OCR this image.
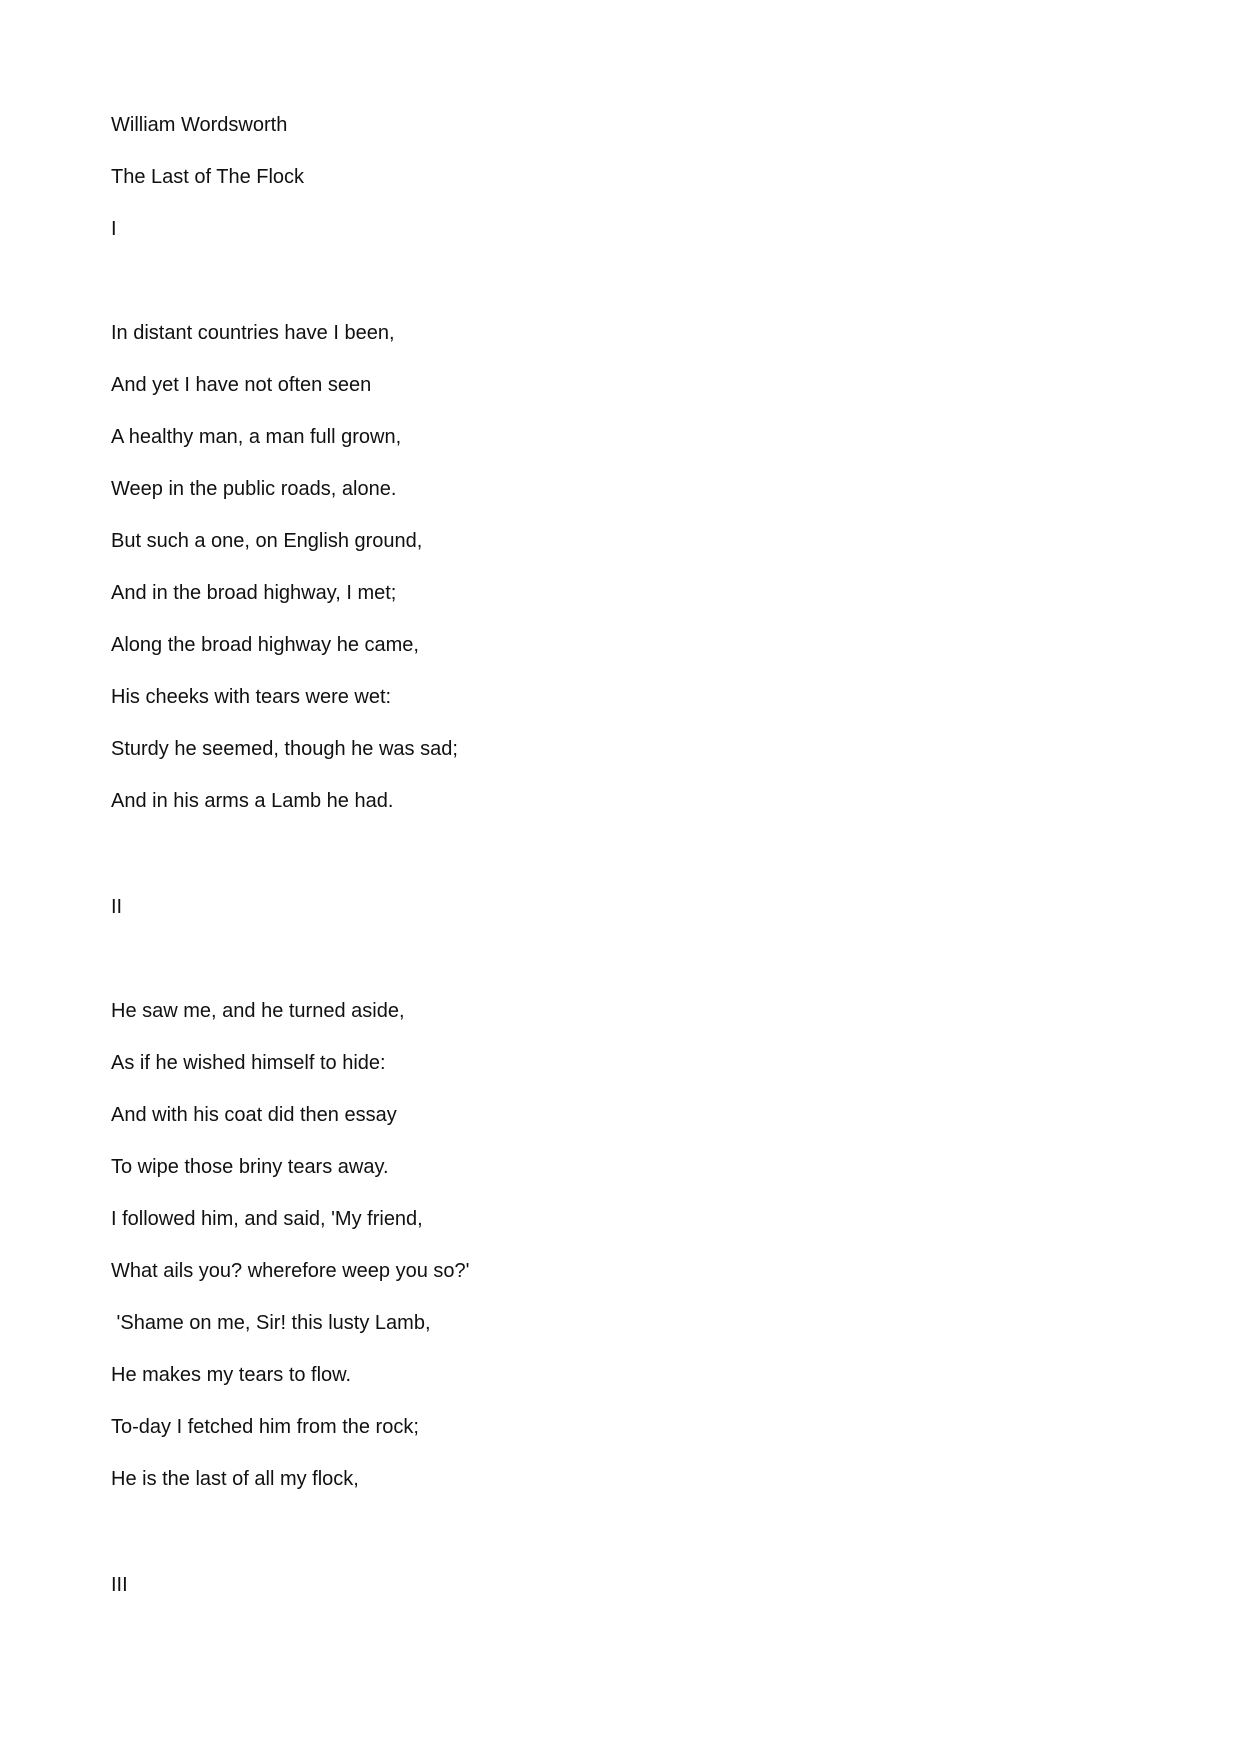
William Wordsworth

The Last of The Flock

I

In distant countries have I been,

And yet I have not often seen

A healthy man, a man full grown,

Weep in the public roads, alone.

But such a one, on English ground,

And in the broad highway, I met;

Along the broad highway he came,

His cheeks with tears were wet:

Sturdy he seemed, though he was sad;

And in his arms a Lamb he had.

II

He saw me, and he turned aside,

As if he wished himself to hide:

And with his coat did then essay

To wipe those briny tears away.

I followed him, and said, 'My friend,

What ails you? wherefore weep you so?'

'Shame on me, Sir! this lusty Lamb,

He makes my tears to flow.

To-day I fetched him from the rock;

He is the last of all my flock,

III
